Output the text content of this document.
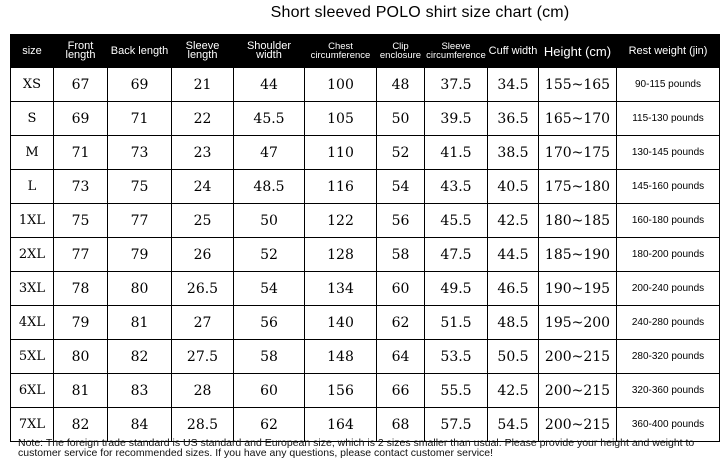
Short sleeved POLO shirt size chart (cm)
size	Front length	Back length	Sleeve length	Shoulder width	Chest circumference	Clip enclosure	Sleeve circumference	Cuff width	Height (cm)	Rest weight (jin)
XS	67	69	21	44	100	48	37.5	34.5	155~165	90-115 pounds
S	69	71	22	45.5	105	50	39.5	36.5	165~170	115-130 pounds
M	71	73	23	47	110	52	41.5	38.5	170~175	130-145 pounds
L	73	75	24	48.5	116	54	43.5	40.5	175~180	145-160 pounds
1XL	75	77	25	50	122	56	45.5	42.5	180~185	160-180 pounds
2XL	77	79	26	52	128	58	47.5	44.5	185~190	180-200 pounds
3XL	78	80	26.5	54	134	60	49.5	46.5	190~195	200-240 pounds
4XL	79	81	27	56	140	62	51.5	48.5	195~200	240-280 pounds
5XL	80	82	27.5	58	148	64	53.5	50.5	200~215	280-320 pounds
6XL	81	83	28	60	156	66	55.5	42.5	200~215	320-360 pounds
7XL	82	84	28.5	62	164	68	57.5	54.5	200~215	360-400 pounds
Note: The foreign trade standard is US standard and European size, which is 2 sizes smaller than usual. Please provide your height and weight to customer service for recommended sizes. If you have any questions, please contact customer service!
